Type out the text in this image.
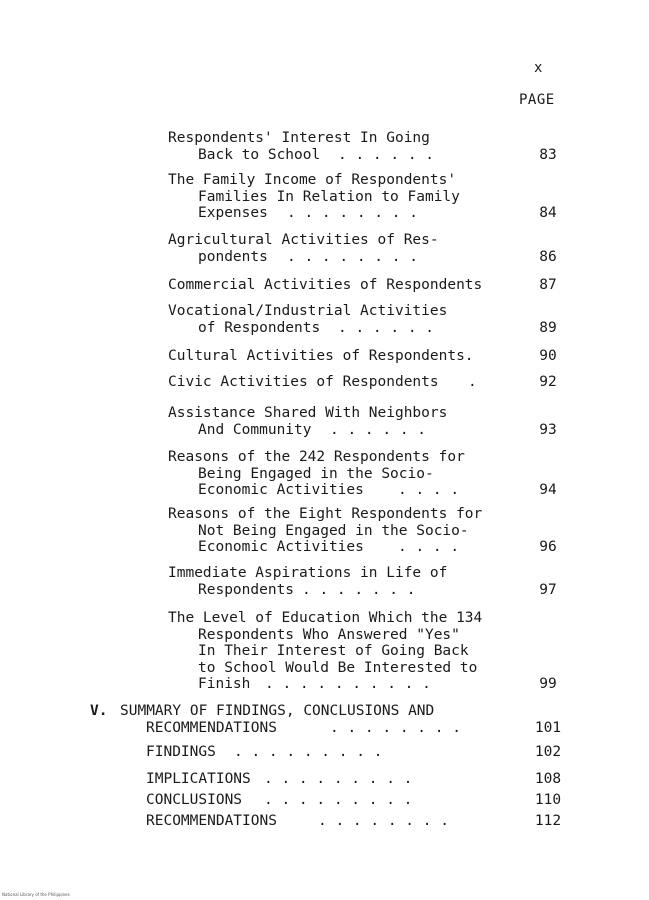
x
PAGE
Respondents' Interest In Going
Back to School	. . . . . .	83
The Family Income of Respondents'
Families In Relation to Family
Expenses	. . . . . . . .	84
Agricultural Activities of Res-
pondents	. . . . . . . .	86
Commercial Activities of Respondents	87
Vocational/Industrial Activities
of Respondents	. . . . . .	89
Cultural Activities of Respondents.	90
Civic Activities of Respondents .	92
Assistance Shared With Neighbors
And Community	. . . . . .	93
Reasons of the 242 Respondents for
Being Engaged in the Socio-
Economic Activities	. . . .	94
Reasons of the Eight Respondents for
Not Being Engaged in the Socio-
Economic Activities	. . . .	96
Immediate Aspirations in Life of
Respondents . . . . . . .	97
The Level of Education Which the 134
Respondents Who Answered "Yes"
In Their Interest of Going Back
to School Would Be Interested to
Finish	. . . . . . . . . .	99
V. SUMMARY OF FINDINGS, CONCLUSIONS AND
RECOMMENDATIONS	. . . . . . . .	101
FINDINGS . . . . . . . . .	102
IMPLICATIONS . . . . . . . . .	108
CONCLUSIONS . . . . . . . . .	110
RECOMMENDATIONS	. . . . . . . .	112
National Library of the Philippines
